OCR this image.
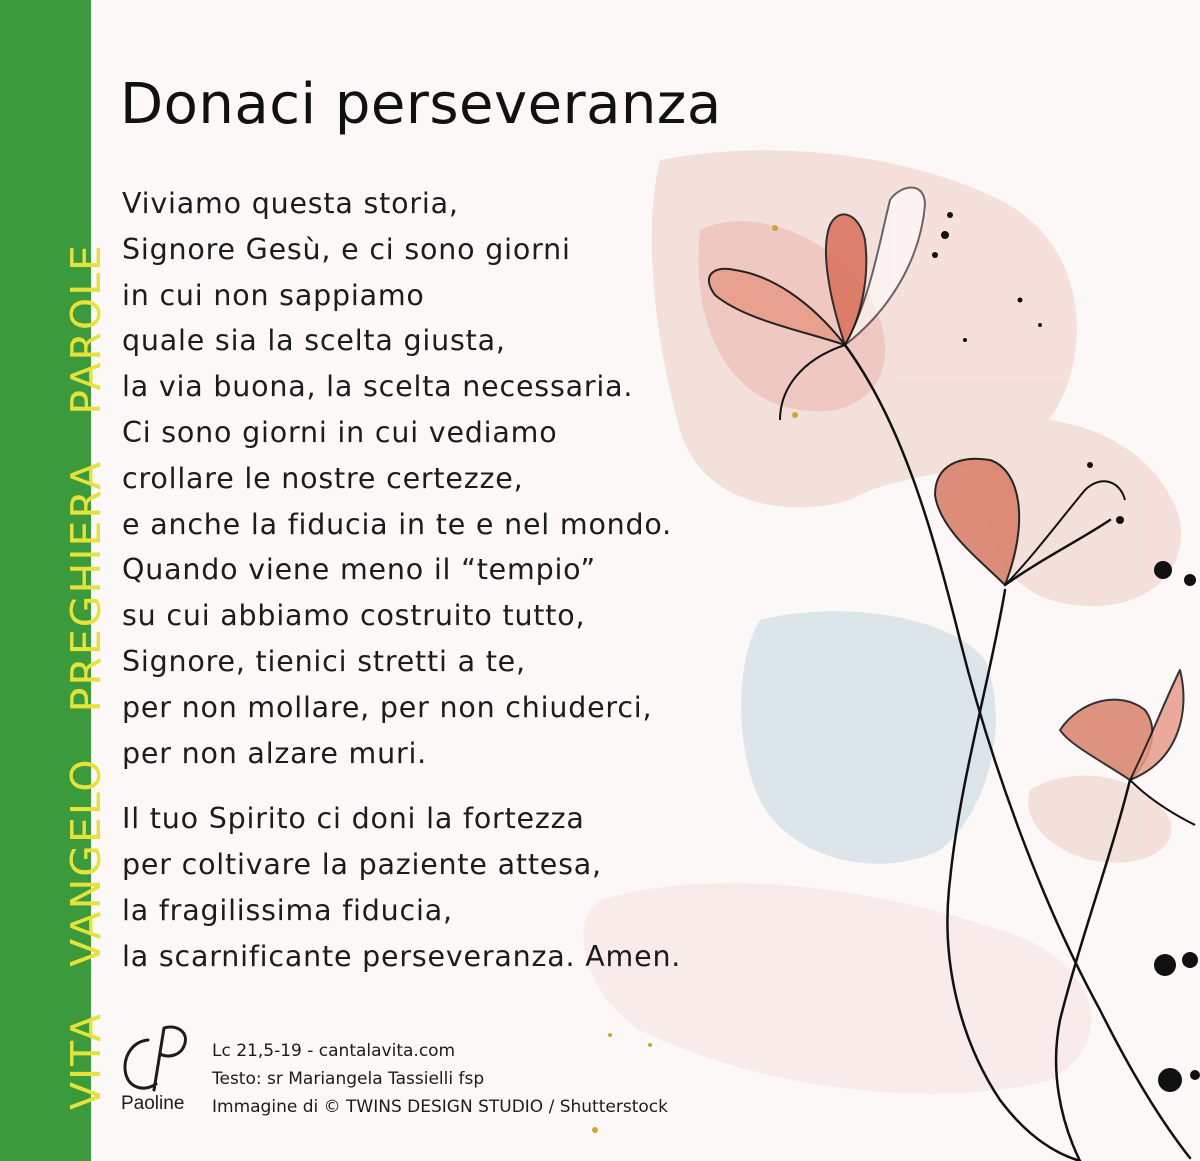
VITA VANGELO PREGHIERA PAROLE
Donaci perseveranza
Viviamo questa storia,
Signore Gesù, e ci sono giorni
in cui non sappiamo
quale sia la scelta giusta,
la via buona, la scelta necessaria.
Ci sono giorni in cui vediamo
crollare le nostre certezze,
e anche la fiducia in te e nel mondo.
Quando viene meno il “tempio”
su cui abbiamo costruito tutto,
Signore, tienici stretti a te,
per non mollare, per non chiuderci,
per non alzare muri.
Il tuo Spirito ci doni la fortezza
per coltivare la paziente attesa,
la fragilissima fiducia,
la scarnificante perseveranza. Amen.
Paoline
Lc 21,5-19 - cantalavita.com
Testo: sr Mariangela Tassielli fsp
Immagine di © TWINS DESIGN STUDIO / Shutterstock
